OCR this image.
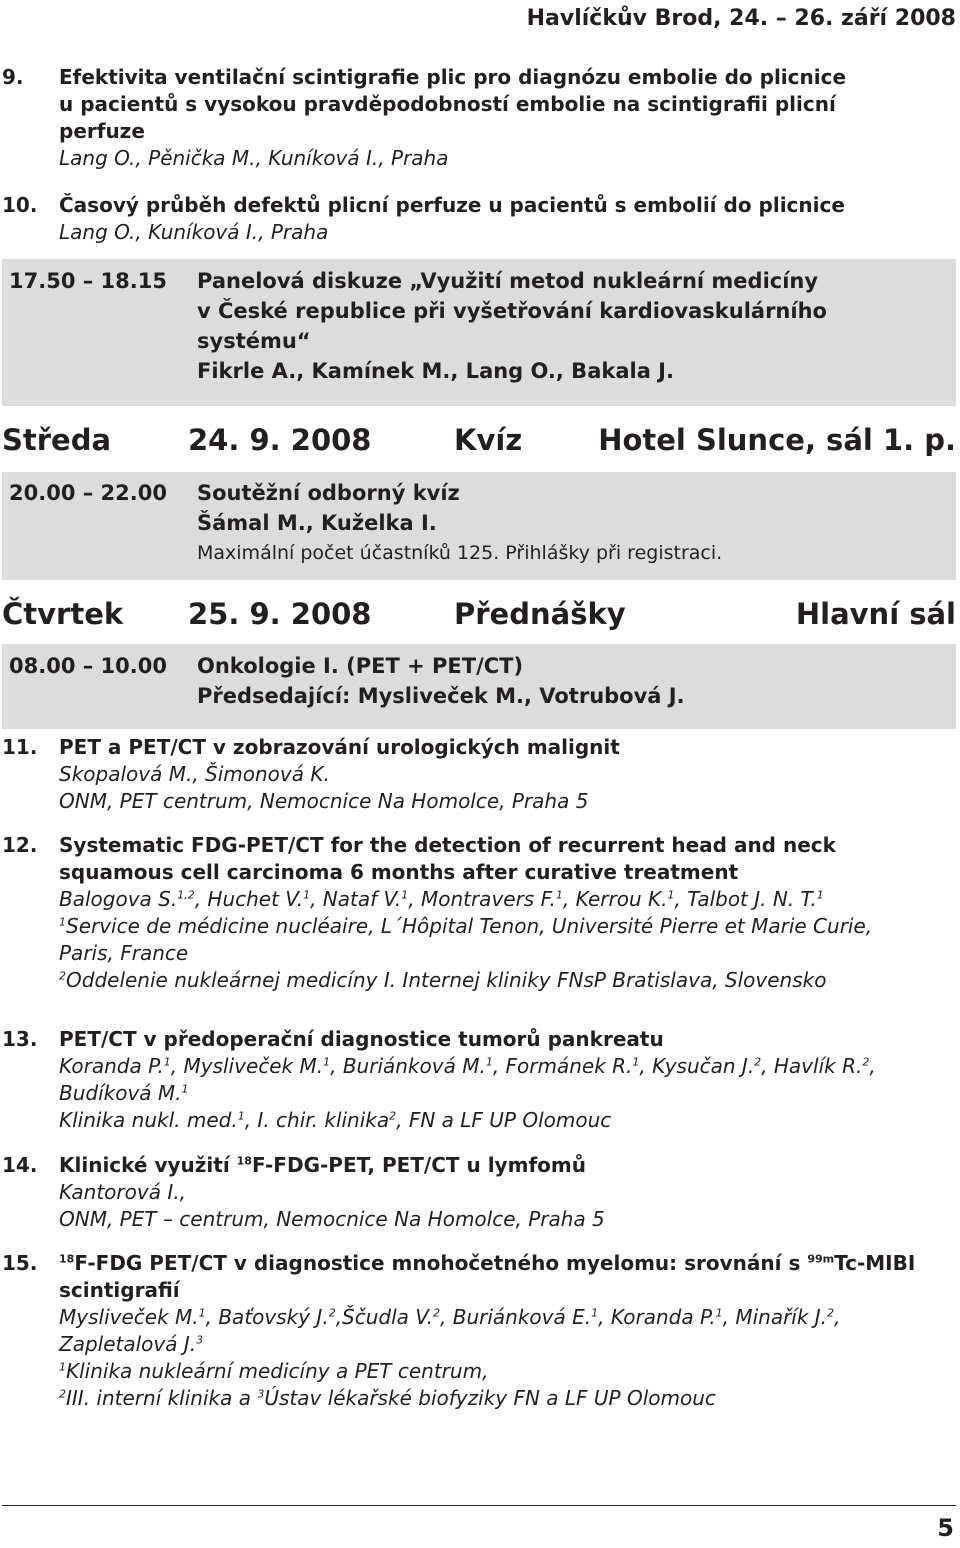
Havlíčkův Brod, 24. – 26. září 2008
9. Efektivita ventilační scintigrafie plic pro diagnózu embolie do plicnice
u pacientů s vysokou pravděpodobností embolie na scintigrafii plicní
perfuze
Lang O., Pěnička M., Kuníková I., Praha
10. Časový průběh defektů plicní perfuze u pacientů s embolií do plicnice
Lang O., Kuníková I., Praha
17.50 – 18.15 Panelová diskuze „Využití metod nukleární medicíny
v České republice při vyšetřování kardiovaskulárního
systému“
Fikrle A., Kamínek M., Lang O., Bakala J.
Středa	24. 9. 2008	Kvíz	Hotel Slunce, sál 1. p.
20.00 – 22.00 Soutěžní odborný kvíz
Šámal M., Kuželka I.
Maximální počet účastníků 125. Přihlášky při registraci.
Čtvrtek 25. 9. 2008	Přednášky	Hlavní sál
08.00 – 10.00 Onkologie I. (PET + PET/CT)
Předsedající: Mysliveček M., Votrubová J.
11. PET a PET/CT v zobrazování urologických malignit
Skopalová M., Šimonová K.
ONM, PET centrum, Nemocnice Na Homolce, Praha 5
12. Systematic FDG-PET/CT for the detection of recurrent head and neck
squamous cell carcinoma 6 months after curative treatment
Balogova S.$^{1,2}$, Huchet V.$^1$, Nataf V.$^1$, Montravers F.$^1$, Kerrou K.$^1$, Talbot J. N. T.$^1$
$^1$Service de médicine nucléaire, L´Hôpital Tenon, Université Pierre et Marie Curie,
Paris, France
$^2$Oddelenie nukleárnej medicíny I. Internej kliniky FNsP Bratislava, Slovensko
13. PET/CT v předoperační diagnostice tumorů pankreatu
Koranda P.$^1$, Mysliveček M.$^1$, Buriánková M.$^1$, Formánek R.$^1$, Kysučan J.$^2$, Havlík R.$^2$,
Budíková M.$^1$
Klinika nukl. med.$^1$, I. chir. klinika$^2$, FN a LF UP Olomouc
14. Klinické využití $^{18}$F-FDG-PET, PET/CT u lymfomů
Kantorová I.,
ONM, PET – centrum, Nemocnice Na Homolce, Praha 5
15. $^{18}$F-FDG PET/CT v diagnostice mnohočetného myelomu: srovnání s $^{99m}$Tc-MIBI
scintigrafií
Mysliveček M.$^1$, Baťovský J.$^2$,Ščudla V.$^2$, Buriánková E.$^1$, Koranda P.$^1$, Minařík J.$^2$,
Zapletalová J.$^3$
$^1$Klinika nukleární medicíny a PET centrum,
$^2$III. interní klinika a $^3$Ústav lékařské biofyziky FN a LF UP Olomouc
5
